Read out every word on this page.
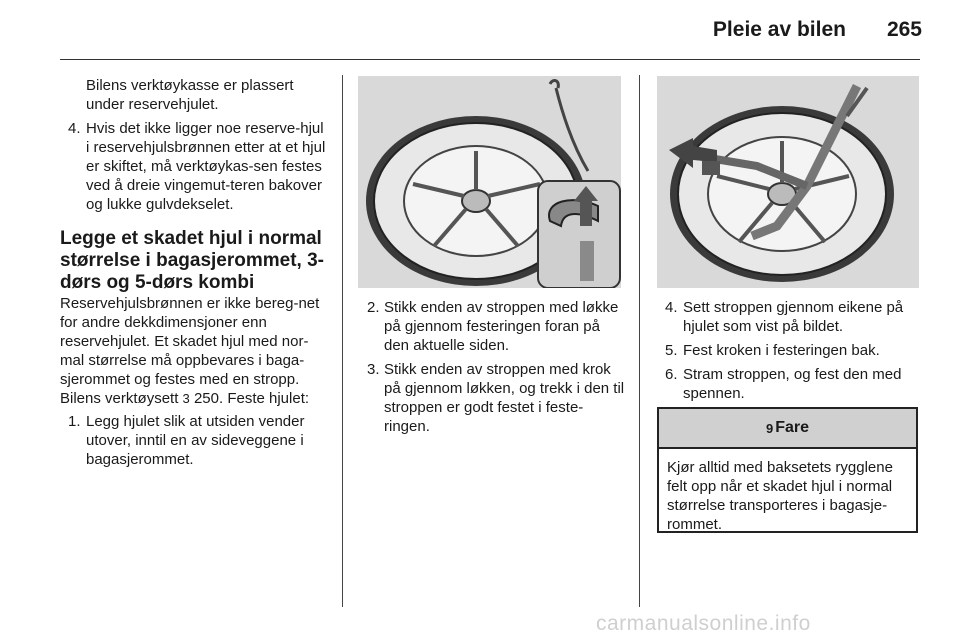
Pleie av bilen	265

Bilens verktøykasse er plassert under reservehjulet.

4. Hvis det ikke ligger noe reserve-hjul i reservehjulsbrønnen etter at et hjul er skiftet, må verktøykas-sen festes ved å dreie vingemut-teren bakover og lukke gulvdekselet.
Legge et skadet hjul i normal størrelse i bagasjerommet, 3-dørs og 5-dørs kombi

Reservehjulsbrønnen er ikke bereg-net for andre dekkdimensjoner enn reservehjulet. Et skadet hjul med nor-mal størrelse må oppbevares i baga-sjerommet og festes med en stropp. Bilens verktøysett 3 250. Feste hjulet:

1. Legg hjulet slik at utsiden vender utover, inntil en av sideveggene i bagasjerommet.
2. Stikk enden av stroppen med løkke på gjennom festeringen foran på den aktuelle siden.
3. Stikk enden av stroppen med krok på gjennom løkken, og trekk i den til stroppen er godt festet i feste-ringen.
4. Sett stroppen gjennom eikene på hjulet som vist på bildet.
5. Fest kroken i festeringen bak.
6. Stram stroppen, og fest den med spennen.
9 Fare
Kjør alltid med baksetets rygglene felt opp når et skadet hjul i normal størrelse transporteres i bagasje-rommet.
carmanualsonline.info
